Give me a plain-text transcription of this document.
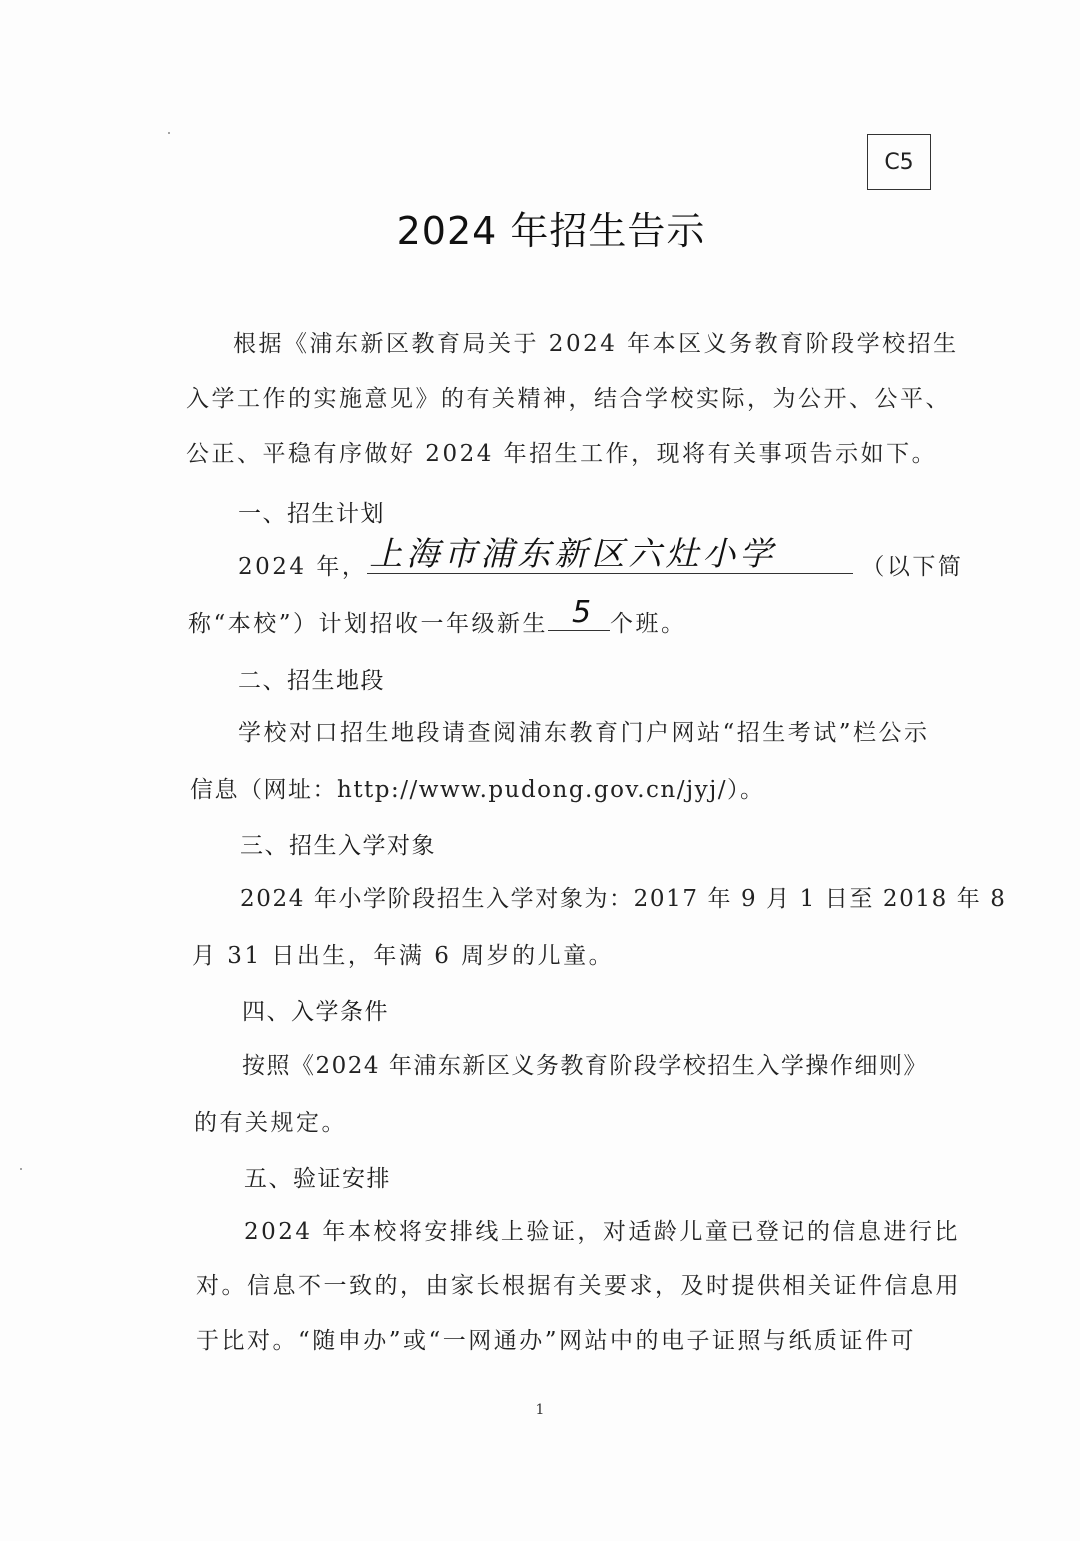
C5
2024 年招生告示
根据《浦东新区教育局关于 2024 年本区义务教育阶段学校招生
入学工作的实施意见》的有关精神，结合学校实际，为公开、公平、
公正、平稳有序做好 2024 年招生工作，现将有关事项告示如下。
一、招生计划
2024 年， 上海市浦东新区六灶小学	（以下简
称“本校”）计划招收一年级新生 5 个班。
二、招生地段
学校对口招生地段请查阅浦东教育门户网站“招生考试”栏公示
信息（网址：http://www.pudong.gov.cn/jyj/）。
三、招生入学对象
2024 年小学阶段招生入学对象为：2017 年 9 月 1 日至 2018 年 8
月 31 日出生，年满 6 周岁的儿童。
四、入学条件
按照《2024 年浦东新区义务教育阶段学校招生入学操作细则》
的有关规定。
五、验证安排
2024 年本校将安排线上验证，对适龄儿童已登记的信息进行比
对。信息不一致的，由家长根据有关要求，及时提供相关证件信息用
于比对。“随申办”或“一网通办”网站中的电子证照与纸质证件可
1
